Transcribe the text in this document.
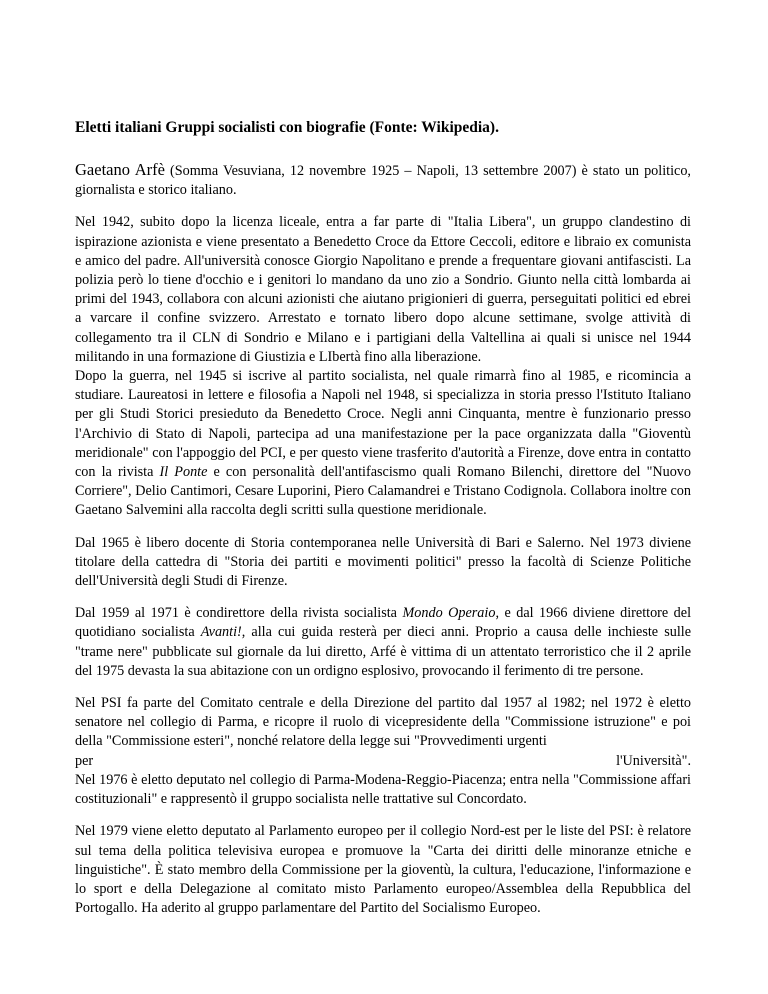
Eletti italiani Gruppi socialisti con biografie (Fonte: Wikipedia).

Gaetano Arfè (Somma Vesuviana, 12 novembre 1925 – Napoli, 13 settembre 2007) è stato un politico, giornalista e storico italiano.

Nel 1942, subito dopo la licenza liceale, entra a far parte di "Italia Libera", un gruppo clandestino di ispirazione azionista e viene presentato a Benedetto Croce da Ettore Ceccoli, editore e libraio ex comunista e amico del padre. All'università conosce Giorgio Napolitano e prende a frequentare giovani antifascisti. La polizia però lo tiene d'occhio e i genitori lo mandano da uno zio a Sondrio. Giunto nella città lombarda ai primi del 1943, collabora con alcuni azionisti che aiutano prigionieri di guerra, perseguitati politici ed ebrei a varcare il confine svizzero. Arrestato e tornato libero dopo alcune settimane, svolge attività di collegamento tra il CLN di Sondrio e Milano e i partigiani della Valtellina ai quali si unisce nel 1944 militando in una formazione di Giustizia e LIbertà fino alla liberazione.

Dopo la guerra, nel 1945 si iscrive al partito socialista, nel quale rimarrà fino al 1985, e ricomincia a studiare. Laureatosi in lettere e filosofia a Napoli nel 1948, si specializza in storia presso l'Istituto Italiano per gli Studi Storici presieduto da Benedetto Croce. Negli anni Cinquanta, mentre è funzionario presso l'Archivio di Stato di Napoli, partecipa ad una manifestazione per la pace organizzata dalla "Gioventù meridionale" con l'appoggio del PCI, e per questo viene trasferito d'autorità a Firenze, dove entra in contatto con la rivista Il Ponte e con personalità dell'antifascismo quali Romano Bilenchi, direttore del "Nuovo Corriere", Delio Cantimori, Cesare Luporini, Piero Calamandrei e Tristano Codignola. Collabora inoltre con Gaetano Salvemini alla raccolta degli scritti sulla questione meridionale.

Dal 1965 è libero docente di Storia contemporanea nelle Università di Bari e Salerno. Nel 1973 diviene titolare della cattedra di "Storia dei partiti e movimenti politici" presso la facoltà di Scienze Politiche dell'Università degli Studi di Firenze.

Dal 1959 al 1971 è condirettore della rivista socialista Mondo Operaio, e dal 1966 diviene direttore del quotidiano socialista Avanti!, alla cui guida resterà per dieci anni. Proprio a causa delle inchieste sulle "trame nere" pubblicate sul giornale da lui diretto, Arfé è vittima di un attentato terroristico che il 2 aprile del 1975 devasta la sua abitazione con un ordigno esplosivo, provocando il ferimento di tre persone.

Nel PSI fa parte del Comitato centrale e della Direzione del partito dal 1957 al 1982; nel 1972 è eletto senatore nel collegio di Parma, e ricopre il ruolo di vicepresidente della "Commissione istruzione" e poi della "Commissione esteri", nonché relatore della legge sui "Provvedimenti urgenti

per	l'Università".

Nel 1976 è eletto deputato nel collegio di Parma-Modena-Reggio-Piacenza; entra nella "Commissione affari costituzionali" e rappresentò il gruppo socialista nelle trattative sul Concordato.

Nel 1979 viene eletto deputato al Parlamento europeo per il collegio Nord-est per le liste del PSI: è relatore sul tema della politica televisiva europea e promuove la "Carta dei diritti delle minoranze etniche e linguistiche". È stato membro della Commissione per la gioventù, la cultura, l'educazione, l'informazione e lo sport e della Delegazione al comitato misto Parlamento europeo/Assemblea della Repubblica del Portogallo. Ha aderito al gruppo parlamentare del Partito del Socialismo Europeo.
